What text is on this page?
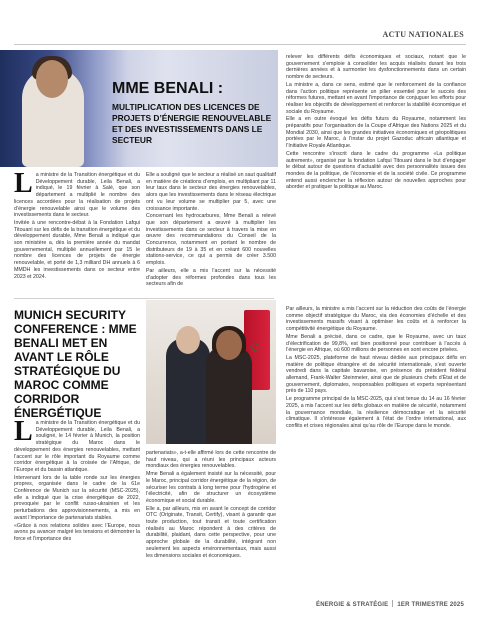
ACTU NATIONALES
MME BENALI :
MULTIPLICATION DES LICENCES DE PROJETS D’ÉNERGIE RENOUVELABLE ET DES INVESTISSEMENTS DANS LE SECTEUR

La ministre de la Transition énergétique et du Développement durable, Leila Benali, a indiqué, le 19 février à Salé, que son département a multiplié le nombre des licences accordées pour la réalisation de projets d’énergie renouvelable ainsi que le volume des investissements dans le secteur.

Invitée à une rencontre-débat à la Fondation Lafqui Titouani sur les défis de la transition énergétique et du développement durable, Mme Benali a indiqué que son ministère a, dès la première année du mandat gouvernemental, multiplié annuellement par 15 le nombre des licences de projets de énergie renouvelable, et porté de 1,3 milliard DH annuels à 6 MMDH les investissements dans ce secteur entre 2023 et 2024.

Elle a souligné que le secteur a réalisé un saut qualitatif en matière de créations d’emplois, en multipliant par 11 leur taux dans le secteur des énergies renouvelables, alors que les investissements dans le réseau électrique ont vu leur volume se multiplier par 5, avec une croissance importante.

Concernant les hydrocarbures, Mme Benali a relevé que son département a œuvré à multiplier les investissements dans ce secteur à travers la mise en œuvre des recommandations du Conseil de la Concurrence, notamment en portant le nombre de distributeurs de 19 à 35 et en créant 600 nouvelles stations-service, ce qui a permis de créer 3.500 emplois.

Par ailleurs, elle a mis l’accent sur la nécessité d’adopter des réformes profondes dans tous les secteurs afin de

relever les différents défis économiques et sociaux, notant que le gouvernement s’emploie à consolider les acquis réalisés durant les trois dernières années et à surmonter les dysfonctionnements dans un certain nombre de secteurs.

La ministre a, dans ce sens, estimé que le renforcement de la confiance dans l’action politique représente un pilier essentiel pour le succès des réformes futures, mettant en avant l’importance de conjuguer les efforts pour réaliser les objectifs de développement et renforcer la stabilité économique et sociale du Royaume.

Elle a en outre évoqué les défis futurs du Royaume, notamment les préparatifs pour l’organisation de la Coupe d’Afrique des Nations 2025 et du Mondial 2030, ainsi que les grandes initiatives économiques et géopolitiques portées par le Maroc, à l’instar du projet Gazoduc africain atlantique et l’Initiative Royale Atlantique.

Cette rencontre s’inscrit dans le cadre du programme «La politique autrement», organisé par la fondation Lafqui Titouani dans le but d’engager le débat autour de questions d’actualité avec des personnalités issues des mondes de la politique, de l’économie et de la société civile. Ce programme entend aussi enclencher la réflexion autour de nouvelles approches pour aborder et pratiquer la politique au Maroc.

MUNICH SECURITY CONFERENCE : MME BENALI MET EN AVANT LE RÔLE STRATÉGIQUE DU MAROC COMME CORRIDOR ÉNERGÉTIQUE
✩

La ministre de la Transition énergétique et du Développement durable, Leila Benali, a souligné, le 14 février à Munich, la position stratégique du Maroc dans le développement des énergies renouvelables, mettant l’accent sur le rôle important du Royaume comme corridor énergétique à la croisée de l’Afrique, de l’Europe et du bassin atlantique.

Intervenant lors de la table ronde sur les énergies propres, organisée dans le cadre de la 61e Conférence de Munich sur la sécurité (MSC-2025), elle a indiqué que la crise énergétique de 2022, provoquée par le conflit russo-ukrainien et les perturbations des approvisionnements, a mis en avant l’importance de partenariats stables.

«Grâce à nos relations solides avec l’Europe, nous avons pu avancer malgré les tensions et démontrer la force et l’importance des

partenariats», a-t-elle affirmé lors de cette rencontre de haut niveau, qui a réuni les principaux acteurs mondiaux des énergies renouvelables.

Mme Benali a également insisté sur la nécessité, pour le Maroc, principal corridor énergétique de la région, de sécuriser les contrats à long terme pour l’hydrogène et l’électricité, afin de structurer un écosystème économique et social durable.

Elle a, par ailleurs, mis en avant le concept de corridor OTC (Originate, Transit, Certify), visant à garantir que toute production, tout transit et toute certification réalisés au Maroc répondent à des critères de durabilité, plaidant, dans cette perspective, pour une approche globale de la durabilité, intégrant non seulement les aspects environnementaux, mais aussi les dimensions sociales et économiques.

Par ailleurs, la ministre a mis l’accent sur la réduction des coûts de l’énergie comme objectif stratégique du Maroc, via des économies d’échelle et des investissements massifs visant à optimiser les coûts et à renforcer la compétitivité énergétique du Royaume.

Mme Benali a précisé, dans ce cadre, que le Royaume, avec un taux d’électrification de 99,8%, est bien positionné pour contribuer à l’accès à l’énergie en Afrique, où 600 millions de personnes en sont encore privées.

La MSC-2025, plateforme de haut niveau dédiée aux principaux défis en matière de politique étrangère et de sécurité internationale, s’est ouverte vendredi dans la capitale bavaroise, en présence du président fédéral allemand, Frank-Walter Steinmeier, ainsi que de plusieurs chefs d’État et de gouvernement, diplomates, responsables politiques et experts représentant près de 110 pays.

Le programme principal de la MSC-2025, qui s’est tenue du 14 au 16 février 2025, a mis l’accent sur les défis globaux en matière de sécurité, notamment la gouvernance mondiale, la résilience démocratique et la sécurité climatique. Il s’intéresse également à l’état de l’ordre international, aux conflits et crises régionales ainsi qu’au rôle de l’Europe dans le monde.

ÉNERGIE & STRATÉGIE 1ER TRIMESTRE 2025
